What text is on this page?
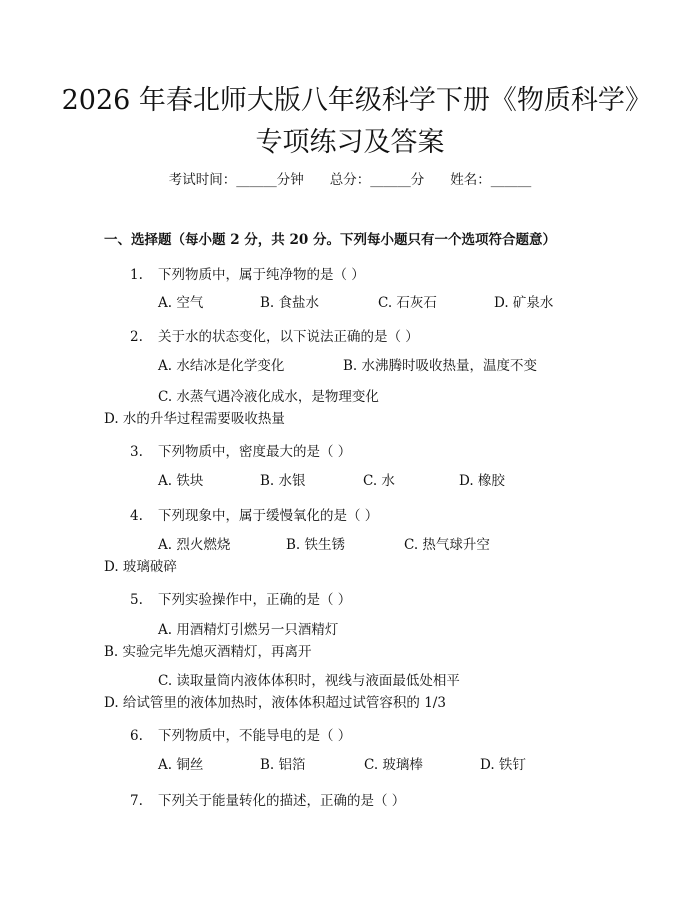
2026 年春北师大版八年级科学下册《物质科学》专项练习及答案
考试时间：______分钟 总分：______分 姓名：______
一、选择题（每小题 2 分，共 20 分。下列每小题只有一个选项符合题意）
1. 下列物质中，属于纯净物的是（ ）
A. 空气	B. 食盐水	C. 石灰石	D. 矿泉水
2. 关于水的状态变化，以下说法正确的是（ ）
A. 水结冰是化学变化	B. 水沸腾时吸收热量，温度不变
C. 水蒸气遇冷液化成水，是物理变化D. 水的升华过程需要吸收热量
3. 下列物质中，密度最大的是（ ）
A. 铁块	B. 水银	C. 水	D. 橡胶
4. 下列现象中，属于缓慢氧化的是（ ）
A. 烈火燃烧	B. 铁生锈	C. 热气球升空D. 玻璃破碎
5. 下列实验操作中，正确的是（ ）
A. 用酒精灯引燃另一只酒精灯B. 实验完毕先熄灭酒精灯，再离开
C. 读取量筒内液体体积时，视线与液面最低处相平D. 给试管里的液体加热时，液体体积超过试管容积的 1/3
6. 下列物质中，不能导电的是（ ）
A. 铜丝	B. 铝箔	C. 玻璃棒	D. 铁钉
7. 下列关于能量转化的描述，正确的是（ ）
